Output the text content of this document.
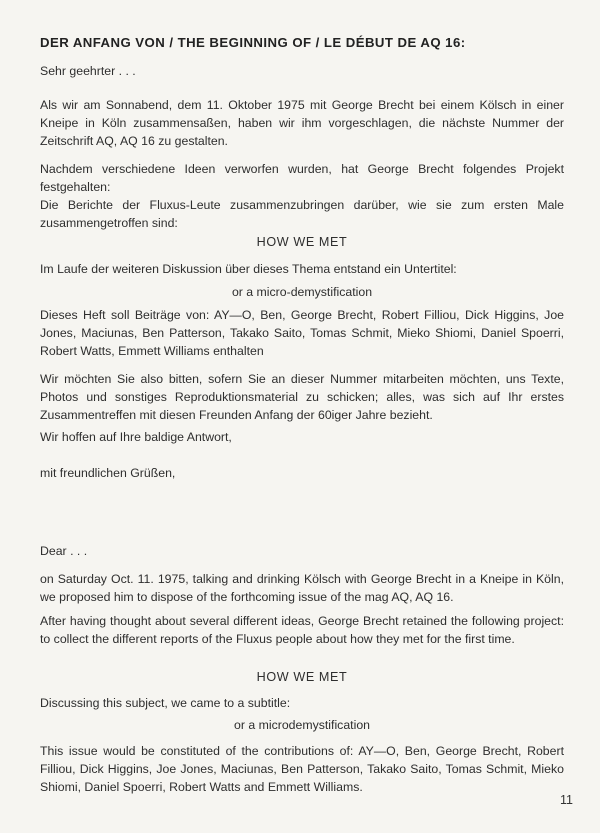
DER ANFANG VON / THE BEGINNING OF / LE DÉBUT DE AQ 16:

Sehr geehrter . . .

Als wir am Sonnabend, dem 11. Oktober 1975 mit George Brecht bei einem Kölsch in einer Kneipe in Köln zusammensaßen, haben wir ihm vorgeschlagen, die nächste Nummer der Zeitschrift AQ, AQ 16 zu gestalten.

Nachdem verschiedene Ideen verworfen wurden, hat George Brecht folgendes Projekt festgehalten:

Die Berichte der Fluxus-Leute zusammenzubringen darüber, wie sie zum ersten Male zusammengetroffen sind:

HOW WE MET

Im Laufe der weiteren Diskussion über dieses Thema entstand ein Untertitel:

or a micro-demystification

Dieses Heft soll Beiträge von: AY—O, Ben, George Brecht, Robert Filliou, Dick Higgins, Joe Jones, Maciunas, Ben Patterson, Takako Saito, Tomas Schmit, Mieko Shiomi, Daniel Spoerri, Robert Watts, Emmett Williams enthalten

Wir möchten Sie also bitten, sofern Sie an dieser Nummer mitarbeiten möchten, uns Texte, Photos und sonstiges Reproduktionsmaterial zu schicken; alles, was sich auf Ihr erstes Zusammentreffen mit diesen Freunden Anfang der 60iger Jahre bezieht.

Wir hoffen auf Ihre baldige Antwort,

mit freundlichen Grüßen,

Dear . . .

on Saturday Oct. 11. 1975, talking and drinking Kölsch with George Brecht in a Kneipe in Köln, we proposed him to dispose of the forthcoming issue of the mag AQ, AQ 16.

After having thought about several different ideas, George Brecht retained the following project: to collect the different reports of the Fluxus people about how they met for the first time.

HOW WE MET

Discussing this subject, we came to a subtitle:

or a microdemystification

This issue would be constituted of the contributions of: AY—O, Ben, George Brecht, Robert Filliou, Dick Higgins, Joe Jones, Maciunas, Ben Patterson, Takako Saito, Tomas Schmit, Mieko Shiomi, Daniel Spoerri, Robert Watts and Emmett Williams.

11
